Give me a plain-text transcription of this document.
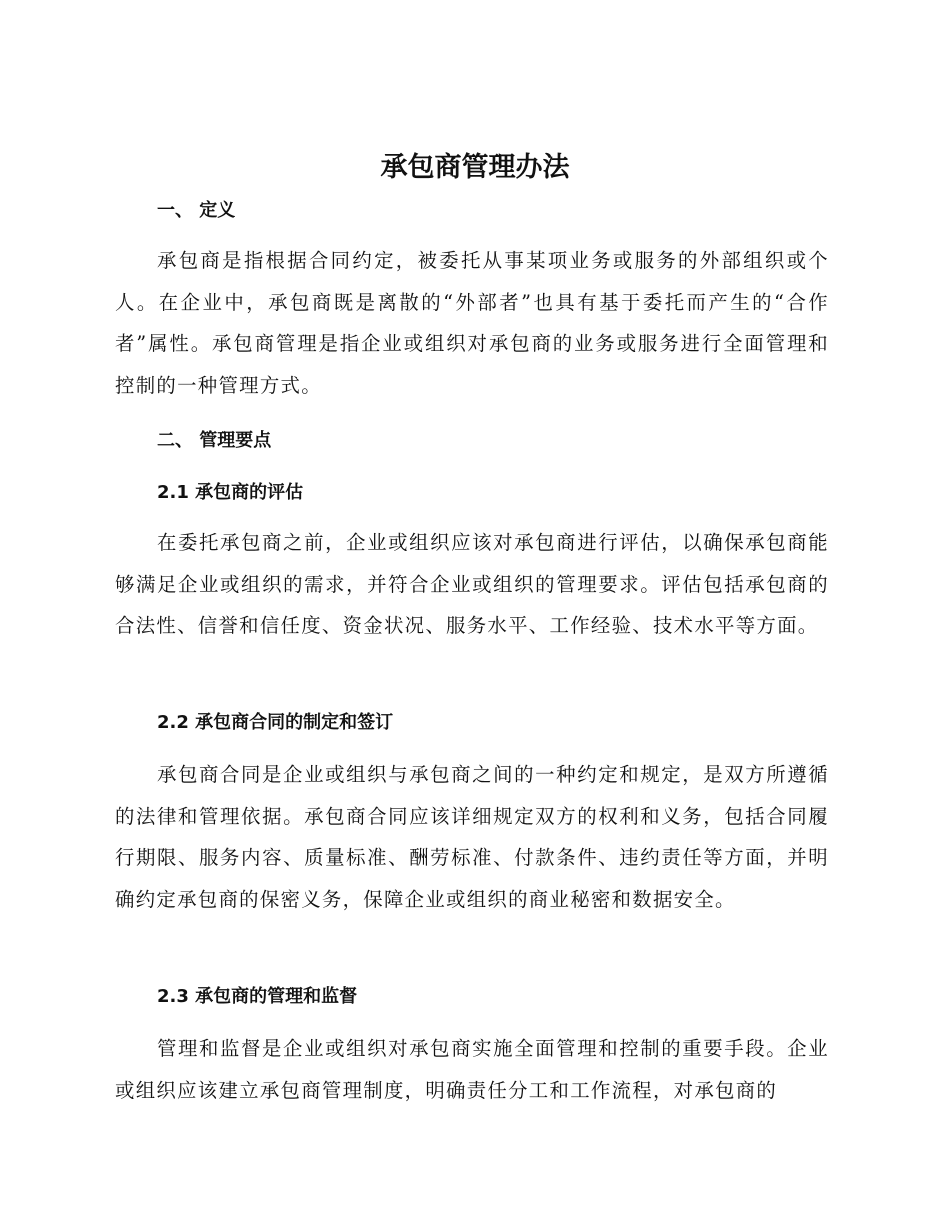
承包商管理办法
一、 定义

承包商是指根据合同约定，被委托从事某项业务或服务的外部组织或个人。在企业中，承包商既是离散的“外部者”也具有基于委托而产生的“合作者”属性。承包商管理是指企业或组织对承包商的业务或服务进行全面管理和控制的一种管理方式。

二、 管理要点
2.1 承包商的评估

在委托承包商之前，企业或组织应该对承包商进行评估，以确保承包商能够满足企业或组织的需求，并符合企业或组织的管理要求。评估包括承包商的合法性、信誉和信任度、资金状况、服务水平、工作经验、技术水平等方面。

2.2 承包商合同的制定和签订

承包商合同是企业或组织与承包商之间的一种约定和规定，是双方所遵循的法律和管理依据。承包商合同应该详细规定双方的权利和义务，包括合同履行期限、服务内容、质量标准、酬劳标准、付款条件、违约责任等方面，并明确约定承包商的保密义务，保障企业或组织的商业秘密和数据安全。

2.3 承包商的管理和监督

管理和监督是企业或组织对承包商实施全面管理和控制的重要手段。企业或组织应该建立承包商管理制度，明确责任分工和工作流程，对承包商的
